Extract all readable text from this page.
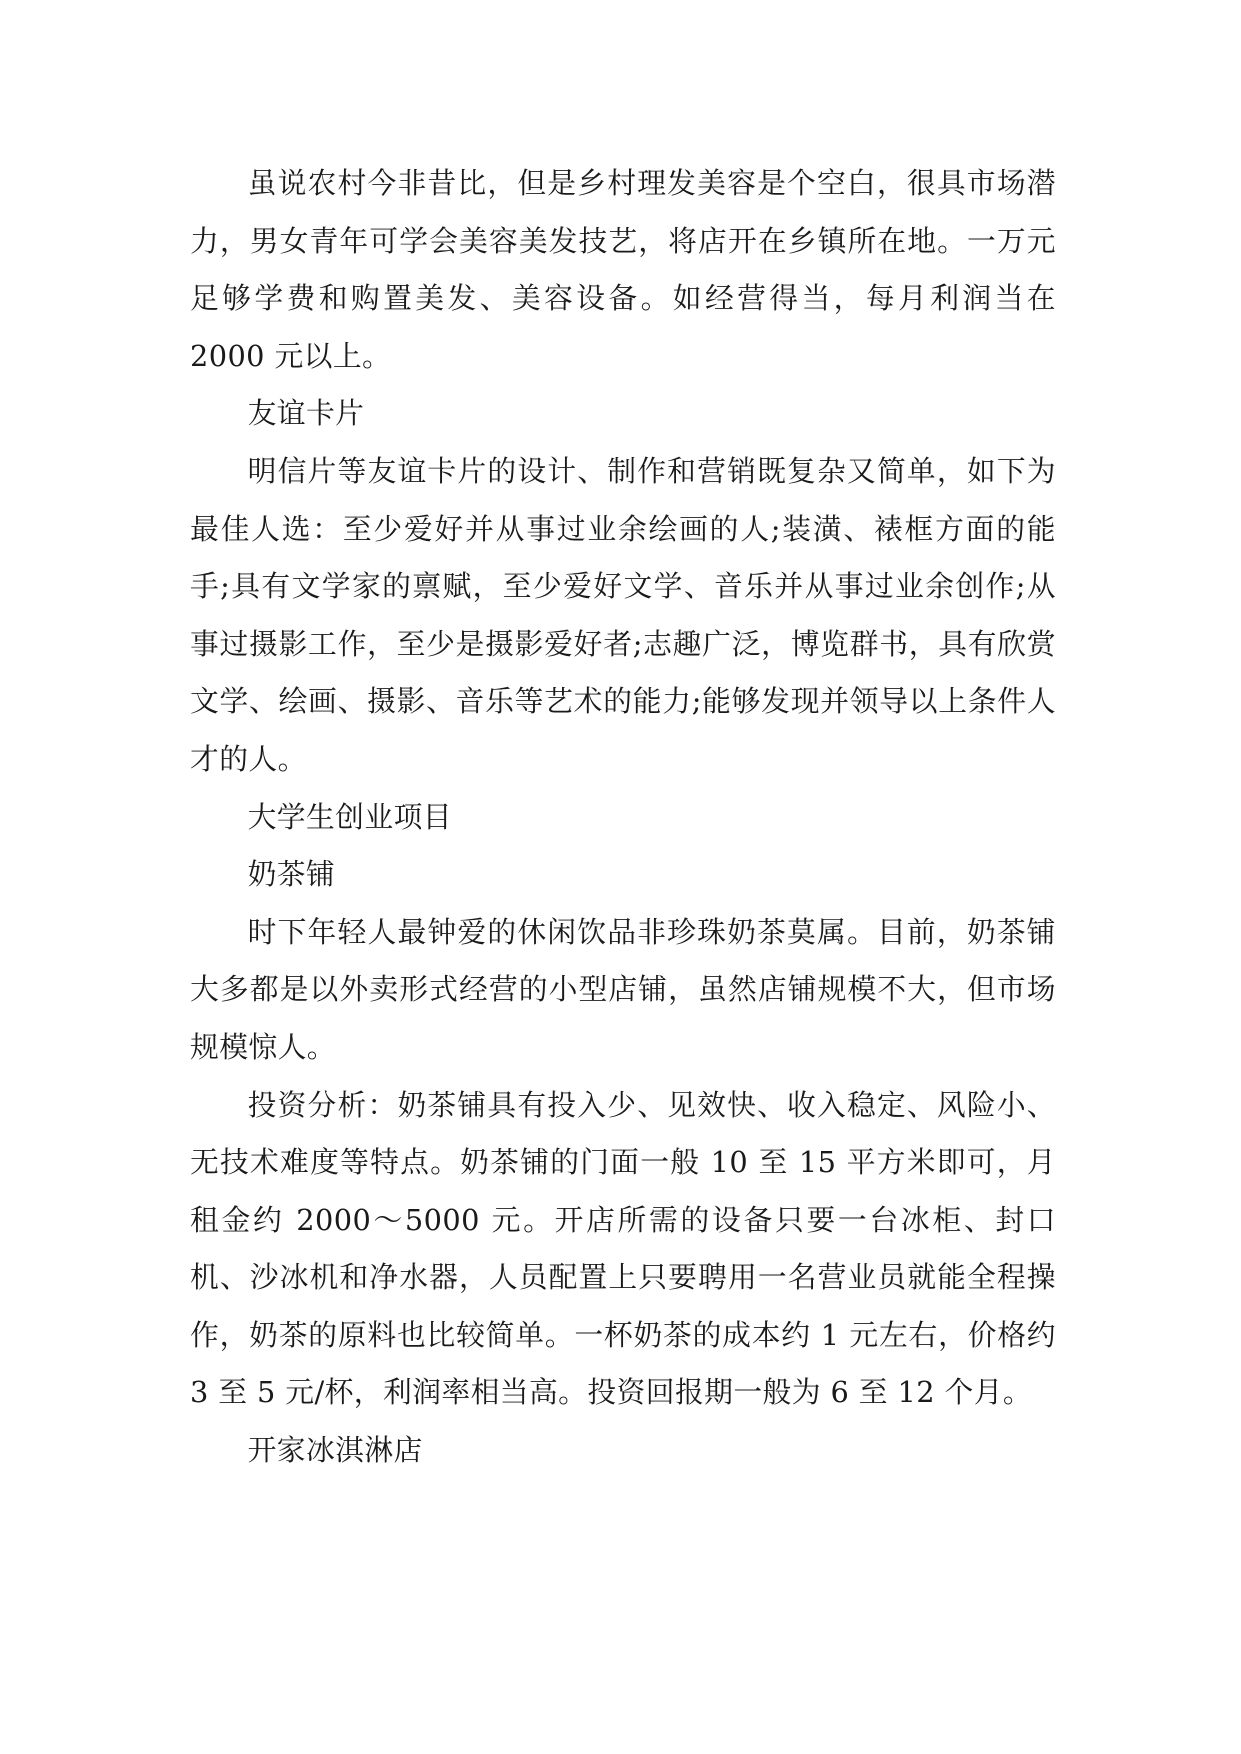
虽说农村今非昔比，但是乡村理发美容是个空白，很具市场潜力，男女青年可学会美容美发技艺，将店开在乡镇所在地。一万元足够学费和购置美发、美容设备。如经营得当，每月利润当在 2000 元以上。

友谊卡片

明信片等友谊卡片的设计、制作和营销既复杂又简单，如下为最佳人选：至少爱好并从事过业余绘画的人;装潢、裱框方面的能手;具有文学家的禀赋，至少爱好文学、音乐并从事过业余创作;从事过摄影工作，至少是摄影爱好者;志趣广泛，博览群书，具有欣赏文学、绘画、摄影、音乐等艺术的能力;能够发现并领导以上条件人才的人。

大学生创业项目

奶茶铺

时下年轻人最钟爱的休闲饮品非珍珠奶茶莫属。目前，奶茶铺大多都是以外卖形式经营的小型店铺，虽然店铺规模不大，但市场规模惊人。

投资分析：奶茶铺具有投入少、见效快、收入稳定、风险小、无技术难度等特点。奶茶铺的门面一般 10 至 15 平方米即可，月租金约 2000～5000 元。开店所需的设备只要一台冰柜、封口机、沙冰机和净水器，人员配置上只要聘用一名营业员就能全程操作，奶茶的原料也比较简单。一杯奶茶的成本约 1 元左右，价格约 3 至 5 元/杯，利润率相当高。投资回报期一般为 6 至 12 个月。

开家冰淇淋店
